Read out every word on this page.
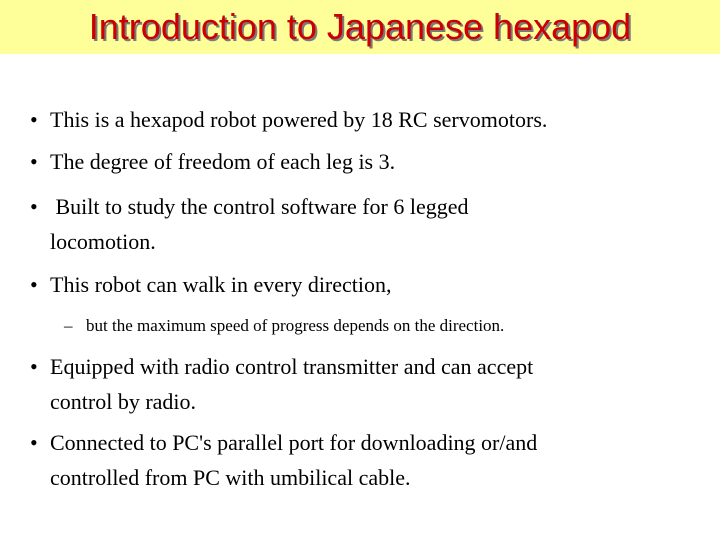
Introduction to Japanese hexapod
• This is a hexapod robot powered by 18 RC servomotors.
• The degree of freedom of each leg is 3.
• Built to study the control software for 6 legged
locomotion.
• This robot can walk in every direction,
– but the maximum speed of progress depends on the direction.
• Equipped with radio control transmitter and can accept
control by radio.
• Connected to PC's parallel port for downloading or/and
controlled from PC with umbilical cable.
